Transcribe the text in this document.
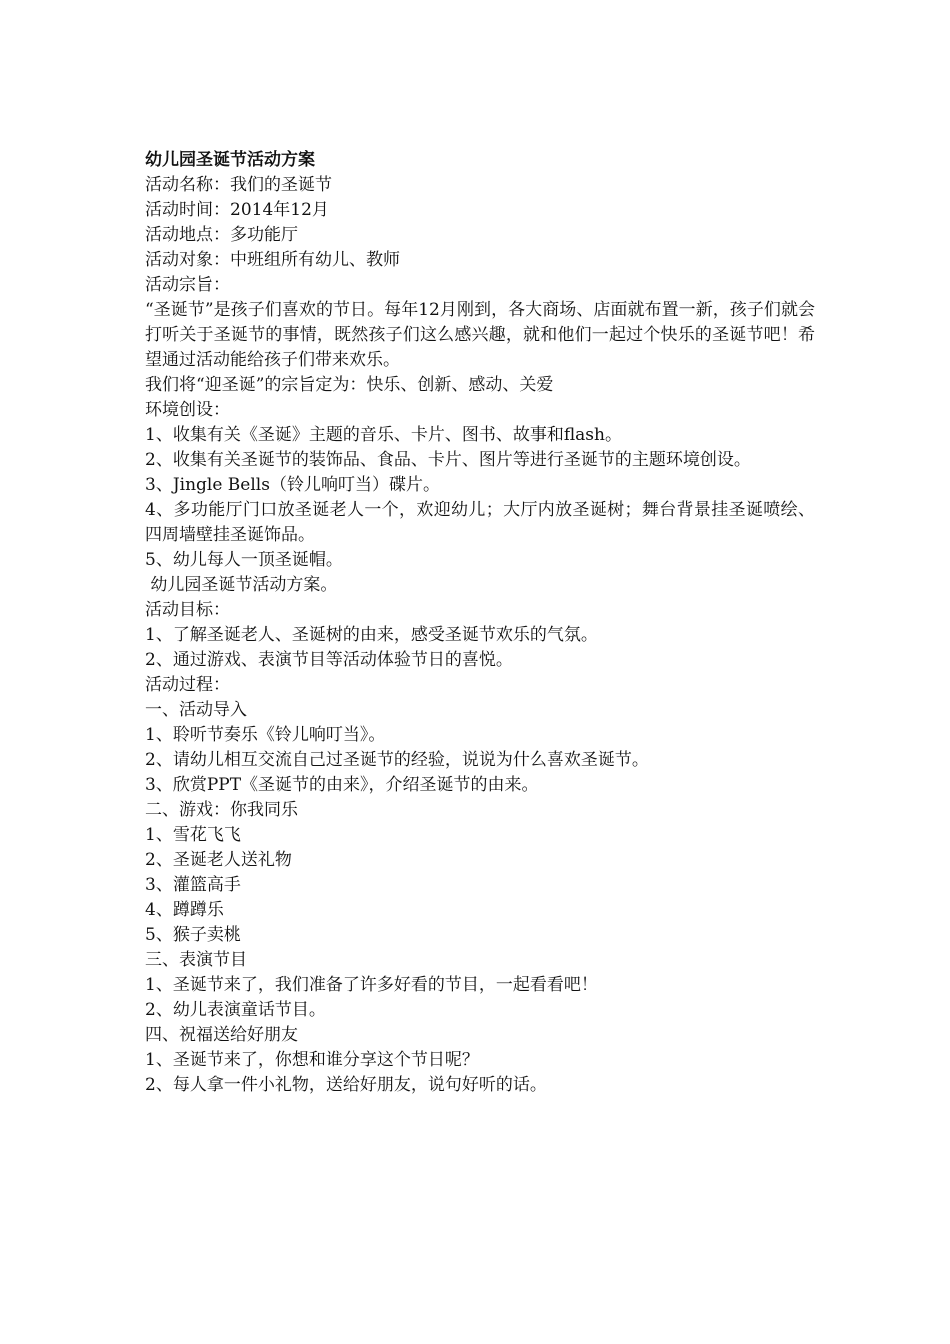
幼儿园圣诞节活动方案

活动名称：我们的圣诞节

活动时间：2014年12月

活动地点：多功能厅

活动对象：中班组所有幼儿、教师

活动宗旨：

“圣诞节”是孩子们喜欢的节日。每年12月刚到，各大商场、店面就布置一新，孩子们就会打听关于圣诞节的事情，既然孩子们这么感兴趣，就和他们一起过个快乐的圣诞节吧！希望通过活动能给孩子们带来欢乐。

我们将“迎圣诞”的宗旨定为：快乐、创新、感动、关爱

环境创设：

1、收集有关《圣诞》主题的音乐、卡片、图书、故事和flash。

2、收集有关圣诞节的装饰品、食品、卡片、图片等进行圣诞节的主题环境创设。

3、Jingle Bells（铃儿响叮当）碟片。

4、多功能厅门口放圣诞老人一个，欢迎幼儿；大厅内放圣诞树；舞台背景挂圣诞喷绘、四周墙壁挂圣诞饰品。

5、幼儿每人一顶圣诞帽。

幼儿园圣诞节活动方案。

活动目标：

1、了解圣诞老人、圣诞树的由来，感受圣诞节欢乐的气氛。

2、通过游戏、表演节目等活动体验节日的喜悦。

活动过程：

一、活动导入

1、聆听节奏乐《铃儿响叮当》。

2、请幼儿相互交流自己过圣诞节的经验，说说为什么喜欢圣诞节。

3、欣赏PPT《圣诞节的由来》，介绍圣诞节的由来。

二、游戏：你我同乐

1、雪花飞飞

2、圣诞老人送礼物

3、灌篮高手

4、蹲蹲乐

5、猴子卖桃

三、表演节目

1、圣诞节来了，我们准备了许多好看的节目，一起看看吧！

2、幼儿表演童话节目。

四、祝福送给好朋友

1、圣诞节来了，你想和谁分享这个节日呢？

2、每人拿一件小礼物，送给好朋友，说句好听的话。
